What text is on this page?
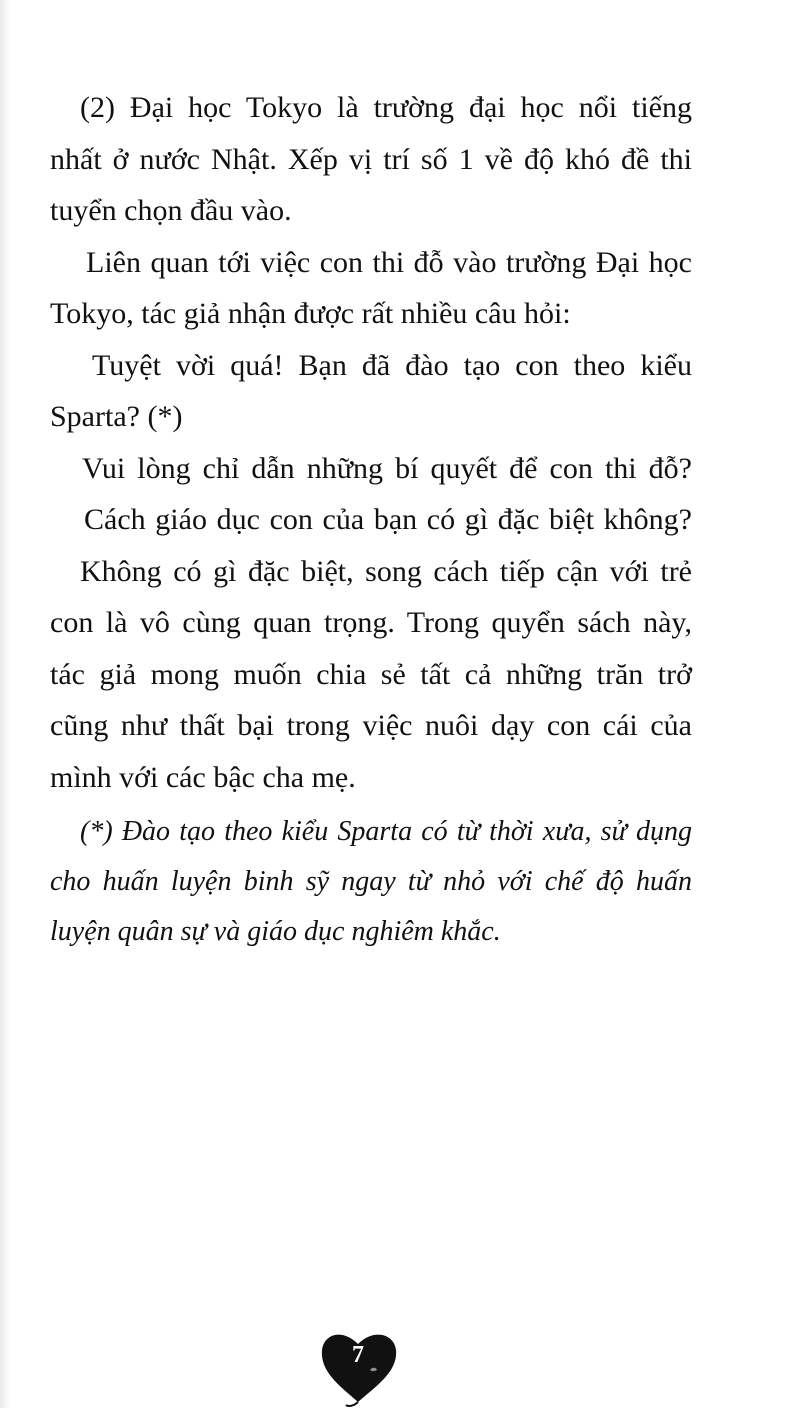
(2) Đại học Tokyo là trường đại học nổi tiếng
nhất ở nước Nhật. Xếp vị trí số 1 về độ khó đề thi
tuyển chọn đầu vào.
Liên quan tới việc con thi đỗ vào trường Đại học
Tokyo, tác giả nhận được rất nhiều câu hỏi:
Tuyệt vời quá! Bạn đã đào tạo con theo kiểu
Sparta? (*)
Vui lòng chỉ dẫn những bí quyết để con thi đỗ?
Cách giáo dục con của bạn có gì đặc biệt không?
Không có gì đặc biệt, song cách tiếp cận với trẻ
con là vô cùng quan trọng. Trong quyển sách này,
tác giả mong muốn chia sẻ tất cả những trăn trở
cũng như thất bại trong việc nuôi dạy con cái của
mình với các bậc cha mẹ.
(*) Đào tạo theo kiểu Sparta có từ thời xưa, sử dụng
cho huấn luyện binh sỹ ngay từ nhỏ với chế độ huấn
luyện quân sự và giáo dục nghiêm khắc.
7
